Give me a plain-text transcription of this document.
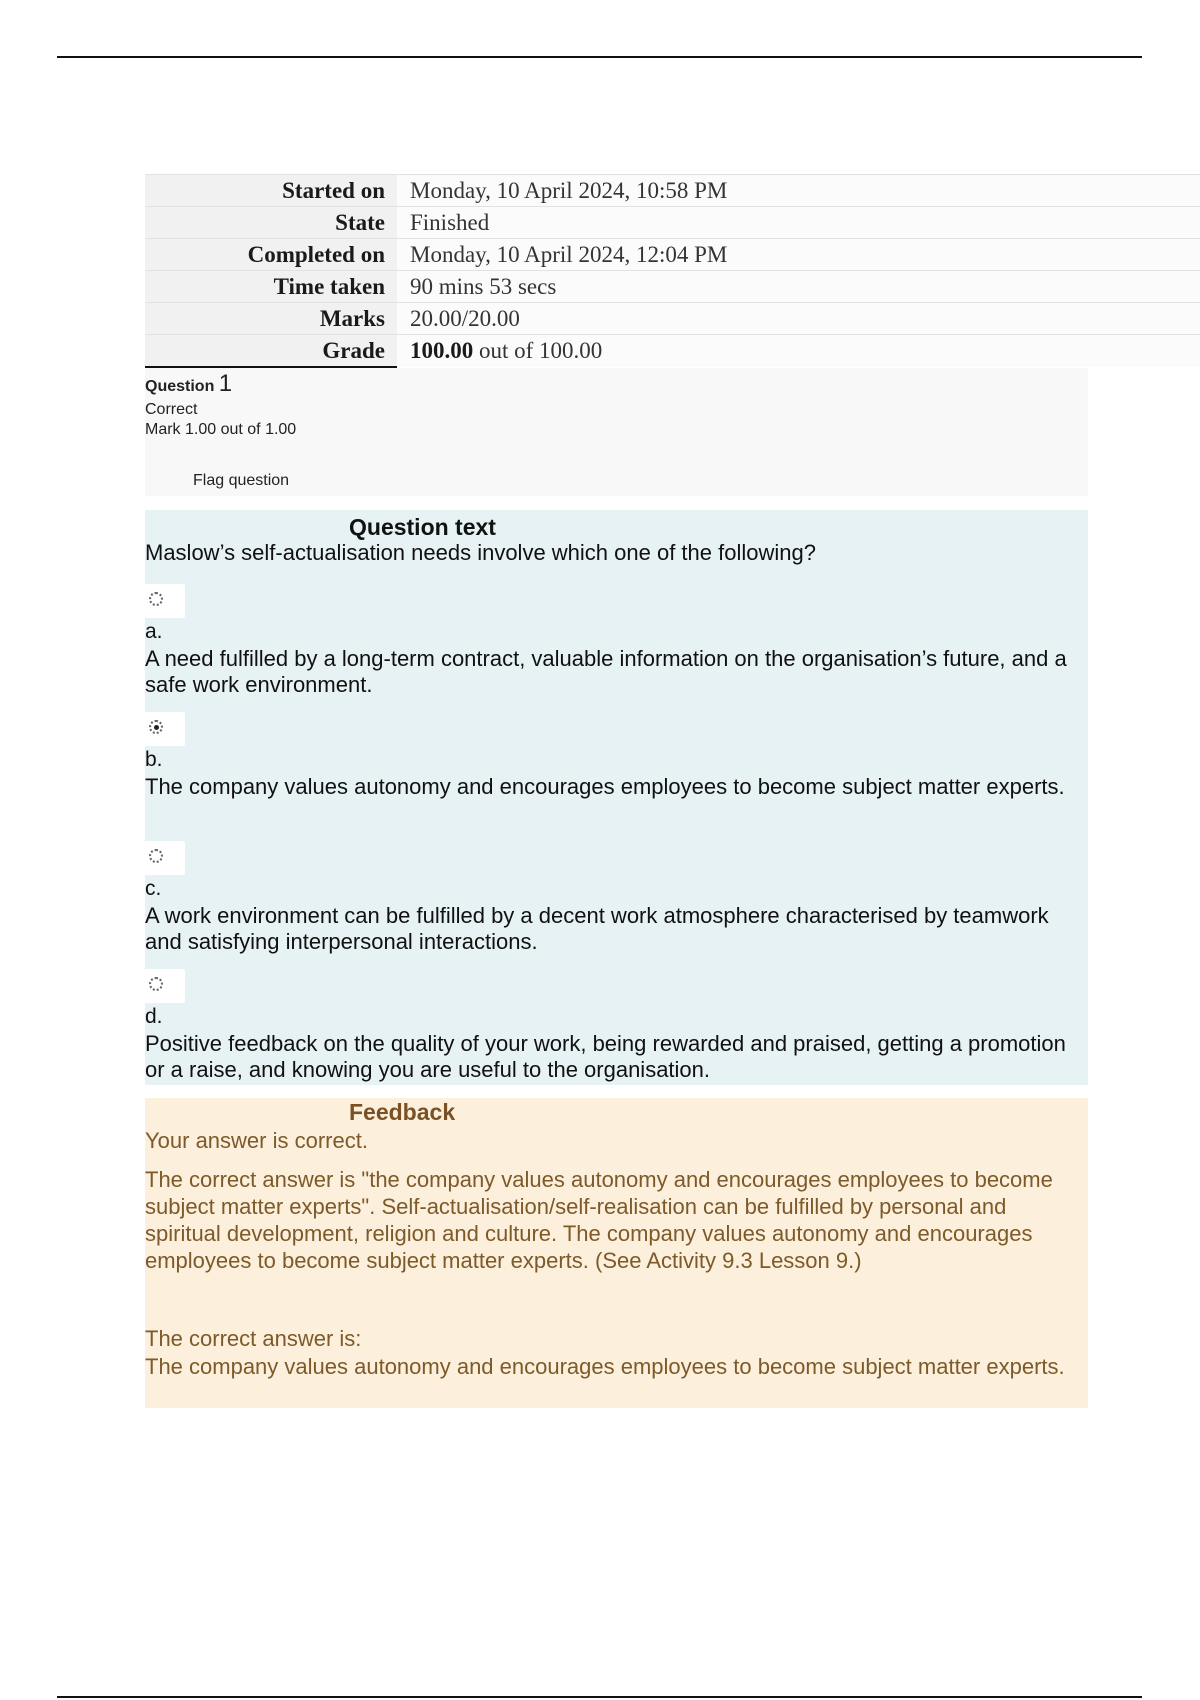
Started on	Monday, 10 April 2024, 10:58 PM
State	Finished
Completed on	Monday, 10 April 2024, 12:04 PM
Time taken	90 mins 53 secs
Marks	20.00/20.00
Grade	100.00 out of 100.00
Question 1
Correct
Mark 1.00 out of 1.00
Flag question
Question text
Maslow’s self-actualisation needs involve which one of the following?
a.
A need fulfilled by a long-term contract, valuable information on the organisation’s future, and a safe work environment.
b.
The company values autonomy and encourages employees to become subject matter experts.
c.
A work environment can be fulfilled by a decent work atmosphere characterised by teamwork and satisfying interpersonal interactions.
d.
Positive feedback on the quality of your work, being rewarded and praised, getting a promotion or a raise, and knowing you are useful to the organisation.
Feedback
Your answer is correct.
The correct answer is "the company values autonomy and encourages employees to become subject matter experts". Self-actualisation/self-realisation can be fulfilled by personal and spiritual development, religion and culture. The company values autonomy and encourages employees to become subject matter experts. (See Activity 9.3 Lesson 9.)
The correct answer is:
The company values autonomy and encourages employees to become subject matter experts.
